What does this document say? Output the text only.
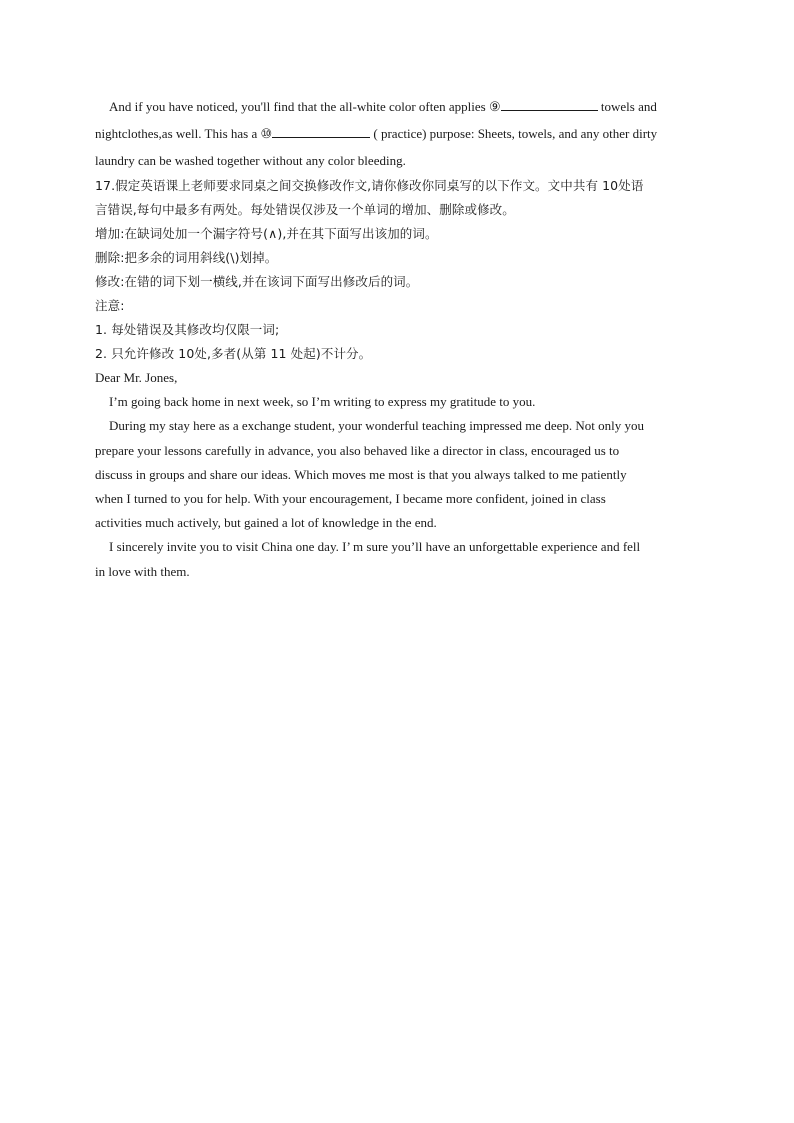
And if you have noticed, you'll find that the all-white color often applies ⑨	towels and
nightclothes,as well. This has a ⑩	( practice) purpose: Sheets, towels, and any other dirty
laundry can be washed together without any color bleeding.
17.假定英语课上老师要求同桌之间交换修改作文,请你修改你同桌写的以下作文。文中共有 10处语
言错误,每句中最多有两处。每处错误仅涉及一个单词的增加、删除或修改。
增加:在缺词处加一个漏字符号(∧),并在其下面写出该加的词。
删除:把多余的词用斜线(\)划掉。
修改:在错的词下划一横线,并在该词下面写出修改后的词。
注意:
1. 每处错误及其修改均仅限一词;
2. 只允许修改 10处,多者(从第 11 处起)不计分。
Dear Mr. Jones,
I’m going back home in next week, so I’m writing to express my gratitude to you.
During my stay here as a exchange student, your wonderful teaching impressed me deep. Not only you
prepare your lessons carefully in advance, you also behaved like a director in class, encouraged us to
discuss in groups and share our ideas. Which moves me most is that you always talked to me patiently
when I turned to you for help. With your encouragement, I became more confident, joined in class
activities much actively, but gained a lot of knowledge in the end.
I sincerely invite you to visit China one day. I’ m sure you’ll have an unforgettable experience and fell
in love with them.
